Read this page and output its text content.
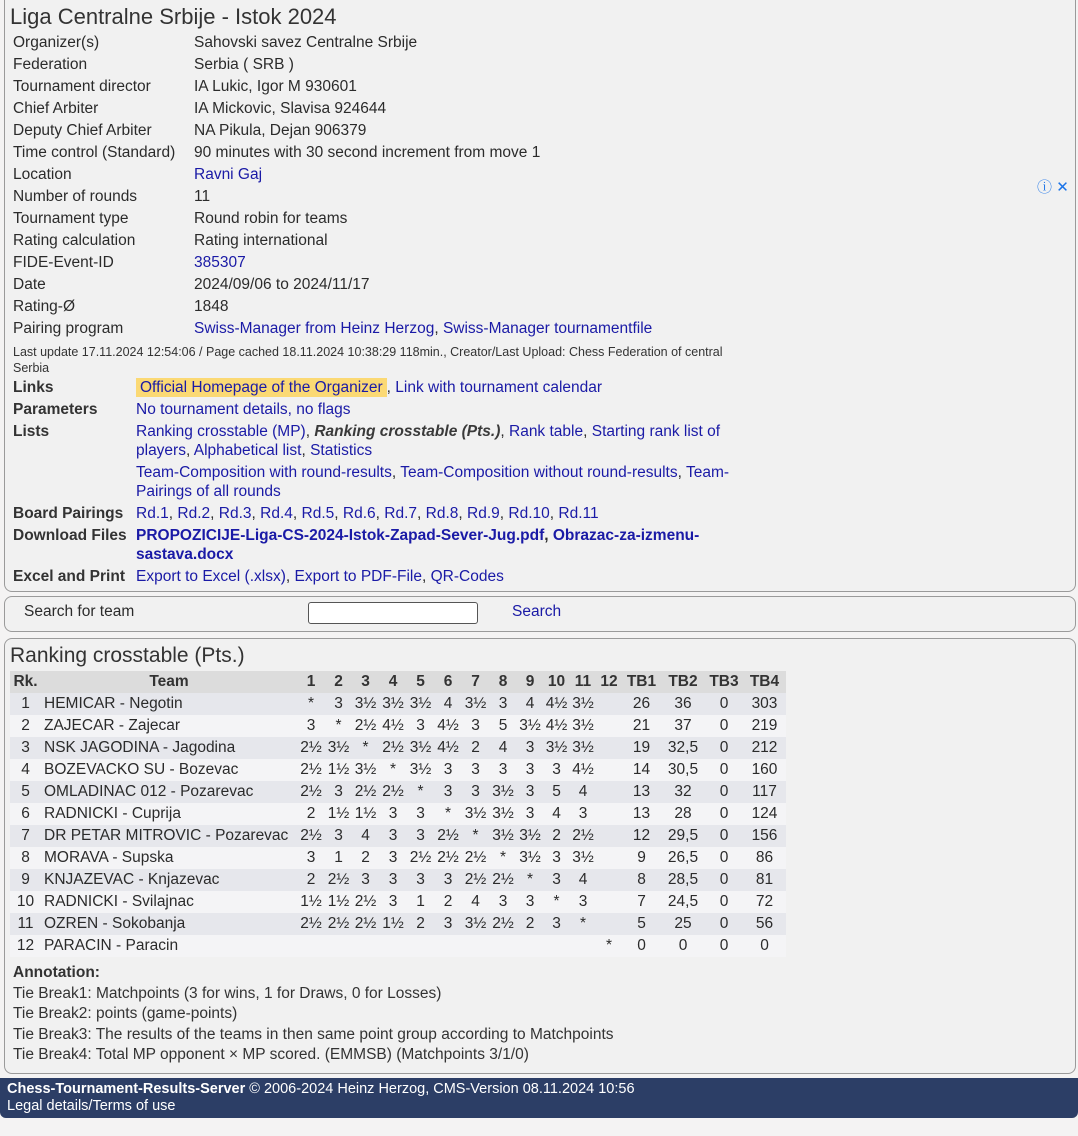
Liga Centralne Srbije - Istok 2024
Organizer(s)	Sahovski savez Centralne Srbije
Federation	Serbia ( SRB )
Tournament director	IA Lukic, Igor M 930601
Chief Arbiter	IA Mickovic, Slavisa 924644
Deputy Chief Arbiter	NA Pikula, Dejan 906379
Time control (Standard)	90 minutes with 30 second increment from move 1
Location	Ravni Gaj
Number of rounds	11
Tournament type	Round robin for teams
Rating calculation	Rating international
FIDE-Event-ID	385307
Date	2024/09/06 to 2024/11/17
Rating-Ø	1848
Pairing program	Swiss-Manager from Heinz Herzog, Swiss-Manager tournamentfile
Last update 17.11.2024 12:54:06 / Page cached 18.11.2024 10:38:29 118min., Creator/Last Upload: Chess Federation of central Serbia
Links	Official Homepage of the Organizer , Link with tournament calendar
Parameters	No tournament details, no flags
Lists	Ranking crosstable (MP), Ranking crosstable (Pts.), Rank table, Starting rank list of players, Alphabetical list, Statistics
Team-Composition with round-results, Team-Composition without round-results, Team-Pairings of all rounds

Board Pairings	Rd.1, Rd.2, Rd.3, Rd.4, Rd.5, Rd.6, Rd.7, Rd.8, Rd.9, Rd.10, Rd.11
Download Files	PROPOZICIJE-Liga-CS-2024-Istok-Zapad-Sever-Jug.pdf, Obrazac-za-izmenu-sastava.docx
Excel and Print	Export to Excel (.xlsx), Export to PDF-File, QR-Codes
ⓘ ✕
Search for team	Search
Ranking crosstable (Pts.)
Rk.	Team	1	2	3	4	5	6	7	8	9	10	11	12	TB1	TB2	TB3	TB4
1	HEMICAR - Negotin	*	3	3½	3½	3½	4	3½	3	4	4½	3½		26	36	0	303
2	ZAJECAR - Zajecar	3	*	2½	4½	3	4½	3	5	3½	4½	3½		21	37	0	219
3	NSK JAGODINA - Jagodina	2½	3½	*	2½	3½	4½	2	4	3	3½	3½		19	32,5	0	212
4	BOZEVACKO SU - Bozevac	2½	1½	3½	*	3½	3	3	3	3	3	4½		14	30,5	0	160
5	OMLADINAC 012 - Pozarevac	2½	3	2½	2½	*	3	3	3½	3	5	4		13	32	0	117
6	RADNICKI - Cuprija	2	1½	1½	3	3	*	3½	3½	3	4	3		13	28	0	124
7	DR PETAR MITROVIC - Pozarevac	2½	3	4	3	3	2½	*	3½	3½	2	2½		12	29,5	0	156
8	MORAVA - Supska	3	1	2	3	2½	2½	2½	*	3½	3	3½		9	26,5	0	86
9	KNJAZEVAC - Knjazevac	2	2½	3	3	3	3	2½	2½	*	3	4		8	28,5	0	81
10	RADNICKI - Svilajnac	1½	1½	2½	3	1	2	4	3	3	*	3		7	24,5	0	72
11	OZREN - Sokobanja	2½	2½	2½	1½	2	3	3½	2½	2	3	*		5	25	0	56
12	PARACIN - Paracin												*	0	0	0	0
Annotation:
Tie Break1: Matchpoints (3 for wins, 1 for Draws, 0 for Losses)
Tie Break2: points (game-points)
Tie Break3: The results of the teams in then same point group according to Matchpoints
Tie Break4: Total MP opponent × MP scored. (EMMSB) (Matchpoints 3/1/0)
Chess-Tournament-Results-Server © 2006-2024 Heinz Herzog, CMS-Version 08.11.2024 10:56
Legal details/Terms of use
